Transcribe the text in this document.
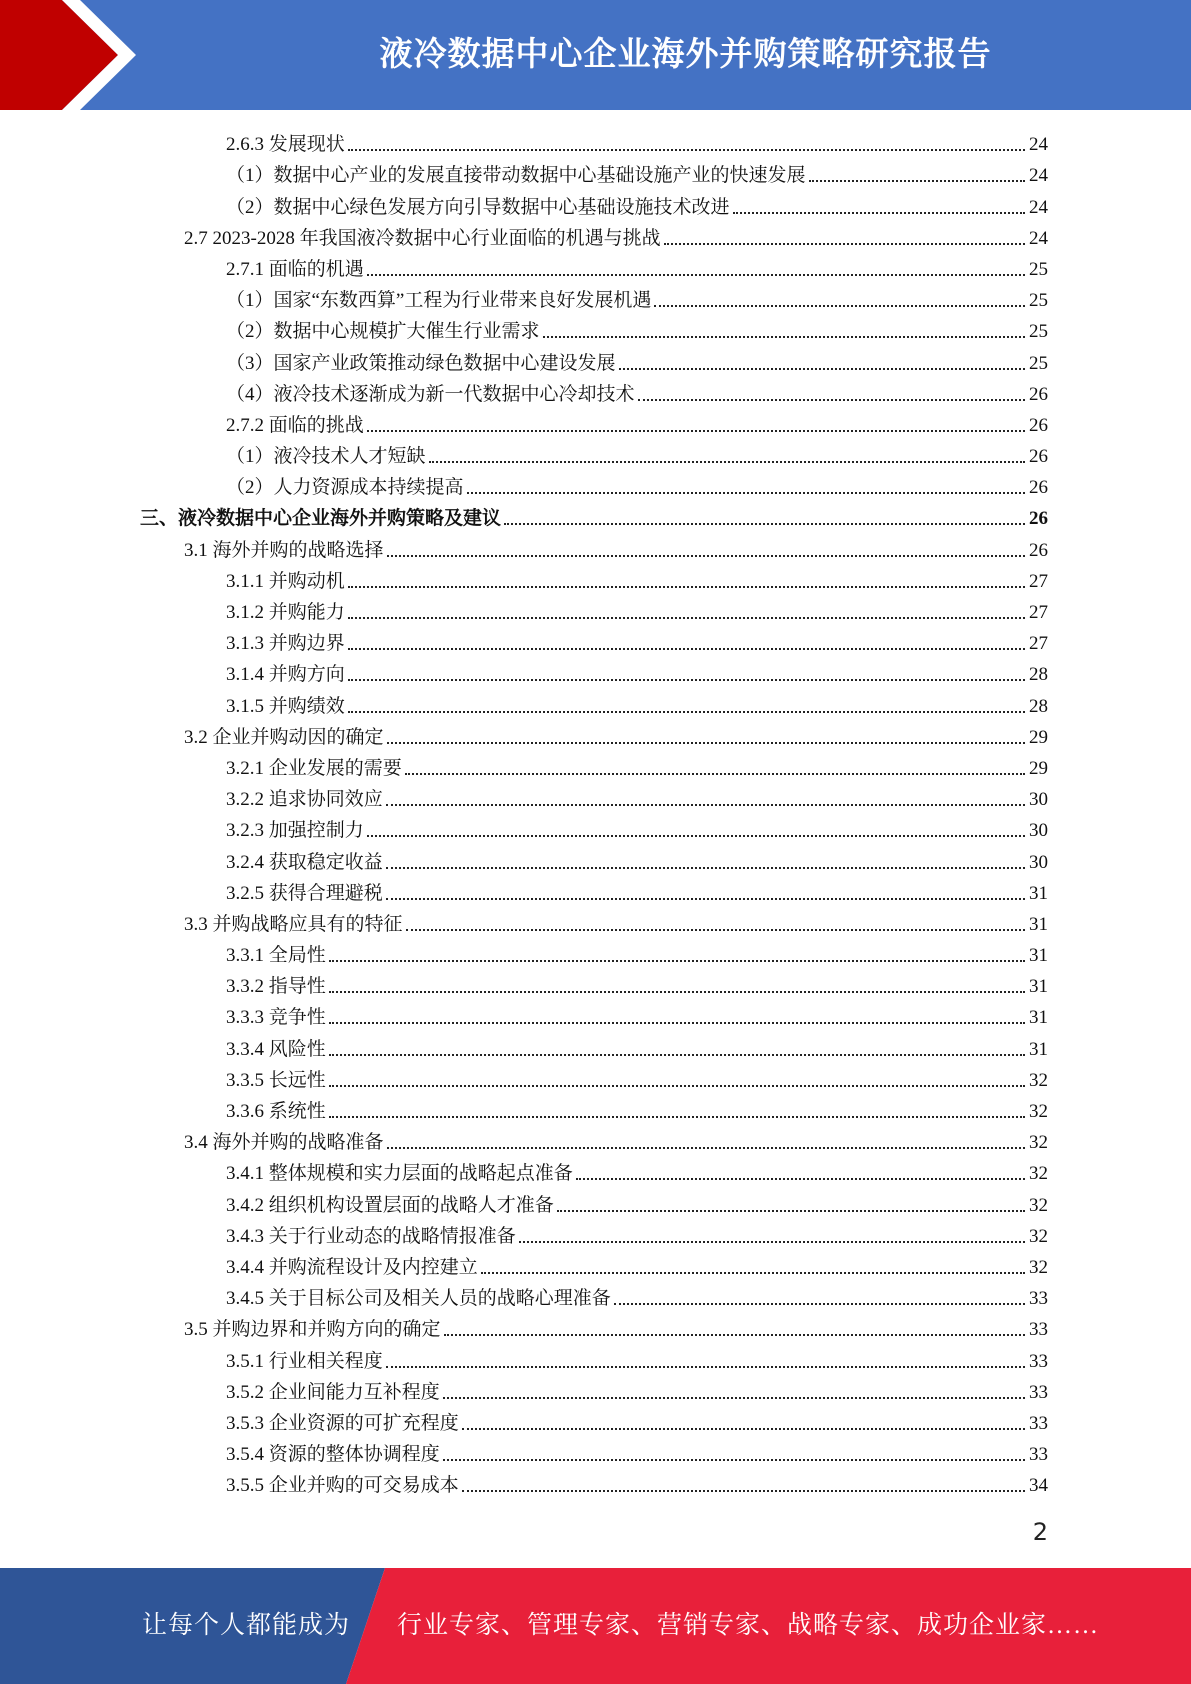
液冷数据中心企业海外并购策略研究报告
2.6.3 发展现状	24
（1）数据中心产业的发展直接带动数据中心基础设施产业的快速发展	24
（2）数据中心绿色发展方向引导数据中心基础设施技术改进	24
2.7 2023-2028 年我国液冷数据中心行业面临的机遇与挑战	24
2.7.1 面临的机遇	25
（1）国家“东数西算”工程为行业带来良好发展机遇	25
（2）数据中心规模扩大催生行业需求	25
（3）国家产业政策推动绿色数据中心建设发展	25
（4）液冷技术逐渐成为新一代数据中心冷却技术	26
2.7.2 面临的挑战	26
（1）液冷技术人才短缺	26
（2）人力资源成本持续提高	26
三、液冷数据中心企业海外并购策略及建议	26
3.1 海外并购的战略选择	26
3.1.1 并购动机	27
3.1.2 并购能力	27
3.1.3 并购边界	27
3.1.4 并购方向	28
3.1.5 并购绩效	28
3.2 企业并购动因的确定	29
3.2.1 企业发展的需要	29
3.2.2 追求协同效应	30
3.2.3 加强控制力	30
3.2.4 获取稳定收益	30
3.2.5 获得合理避税	31
3.3 并购战略应具有的特征	31
3.3.1 全局性	31
3.3.2 指导性	31
3.3.3 竞争性	31
3.3.4 风险性	31
3.3.5 长远性	32
3.3.6 系统性	32
3.4 海外并购的战略准备	32
3.4.1 整体规模和实力层面的战略起点准备	32
3.4.2 组织机构设置层面的战略人才准备	32
3.4.3 关于行业动态的战略情报准备	32
3.4.4 并购流程设计及内控建立	32
3.4.5 关于目标公司及相关人员的战略心理准备	33
3.5 并购边界和并购方向的确定	33
3.5.1 行业相关程度	33
3.5.2 企业间能力互补程度	33
3.5.3 企业资源的可扩充程度	33
3.5.4 资源的整体协调程度	33
3.5.5 企业并购的可交易成本	34
2
让每个人都能成为 行业专家、管理专家、营销专家、战略专家、成功企业家……
